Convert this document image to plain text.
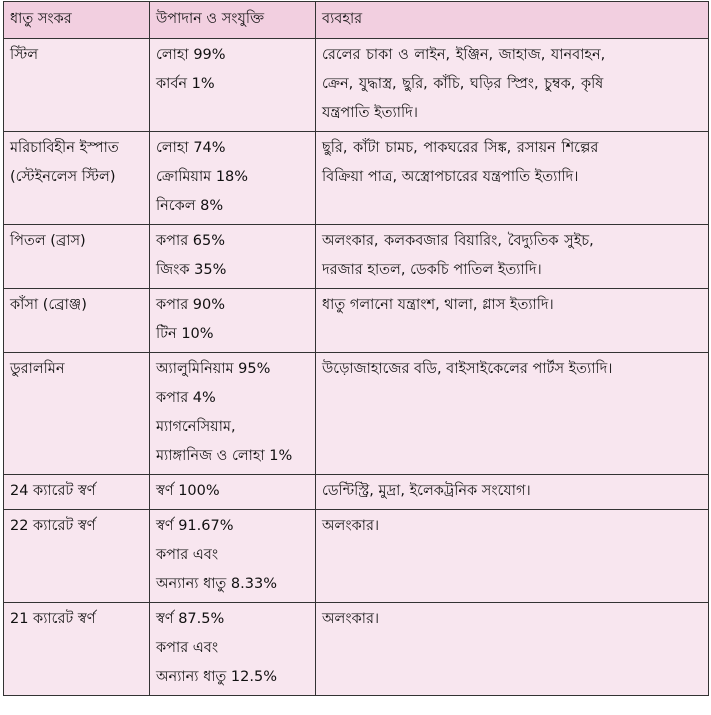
ধাতু সংকর	উপাদান ও সংযুক্তি	ব্যবহার

স্টিল	লোহা 99%
কার্বন 1%	রেলের চাকা ও লাইন, ইঞ্জিন, জাহাজ, যানবাহন,
ক্রেন, যুদ্ধাস্ত্র, ছুরি, কাঁচি, ঘড়ির স্প্রিং, চুম্বক, কৃষি
যন্ত্রপাতি ইত্যাদি।

মরিচাবিহীন ইস্পাত
(স্টেইনলেস স্টিল)	লোহা 74%
ক্রোমিয়াম 18%
নিকেল 8%	ছুরি, কাঁটা চামচ, পাকঘরের সিঙ্ক, রসায়ন শিল্পের
বিক্রিয়া পাত্র, অস্ত্রোপচারের যন্ত্রপাতি ইত্যাদি।

পিতল (ব্রাস)	কপার 65%
জিংক 35%	অলংকার, কলকবজার বিয়ারিং, বৈদ্যুতিক সুইচ,
দরজার হাতল, ডেকচি পাতিল ইত্যাদি।

কাঁসা (ব্রোঞ্জ)	কপার 90%
টিন 10%	ধাতু গলানো যন্ত্রাংশ, থালা, গ্লাস ইত্যাদি।

ডুরালমিন	অ্যালুমিনিয়াম 95%
কপার 4%
ম্যাগনেসিয়াম,
ম্যাঙ্গানিজ ও লোহা 1%	উড়োজাহাজের বডি, বাইসাইকেলের পার্টস ইত্যাদি।

24 ক্যারেট স্বর্ণ	স্বর্ণ 100%	ডেন্টিস্ট্রি, মুদ্রা, ইলেকট্রনিক সংযোগ।

22 ক্যারেট স্বর্ণ	স্বর্ণ 91.67%
কপার এবং
অন্যান্য ধাতু 8.33%	অলংকার।

21 ক্যারেট স্বর্ণ	স্বর্ণ 87.5%
কপার এবং
অন্যান্য ধাতু 12.5%	অলংকার।
